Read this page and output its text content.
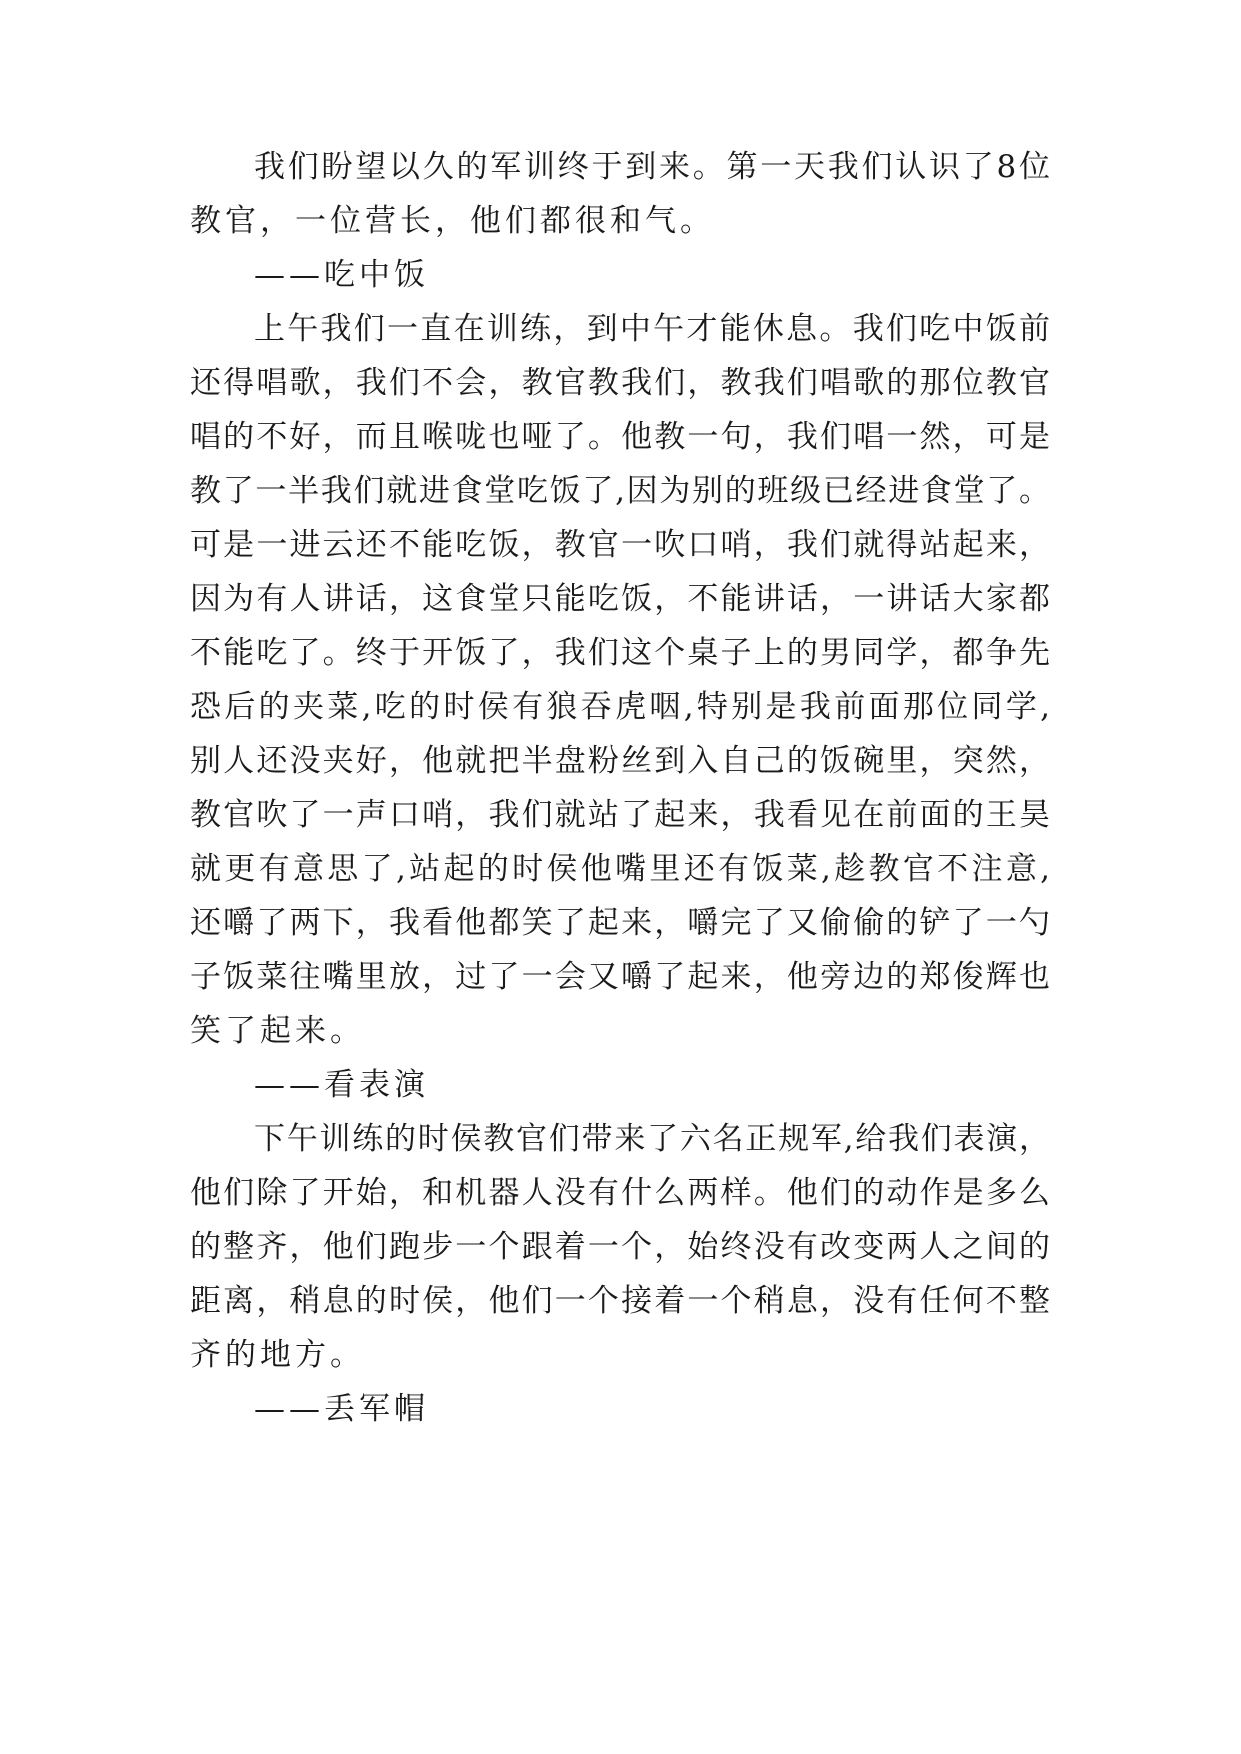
我们盼望以久的军训终于到来。第一天我们认识了8位
教官，一位营长，他们都很和气。
——吃中饭
上午我们一直在训练，到中午才能休息。我们吃中饭前
还得唱歌，我们不会，教官教我们，教我们唱歌的那位教官
唱的不好，而且喉咙也哑了。他教一句，我们唱一然，可是
教了一半我们就进食堂吃饭了,因为别的班级已经进食堂了。
可是一进云还不能吃饭，教官一吹口哨，我们就得站起来，
因为有人讲话，这食堂只能吃饭，不能讲话，一讲话大家都
不能吃了。终于开饭了，我们这个桌子上的男同学，都争先
恐后的夹菜,吃的时侯有狼吞虎咽,特别是我前面那位同学,
别人还没夹好，他就把半盘粉丝到入自己的饭碗里，突然，
教官吹了一声口哨，我们就站了起来，我看见在前面的王昊
就更有意思了,站起的时侯他嘴里还有饭菜,趁教官不注意,
还嚼了两下，我看他都笑了起来，嚼完了又偷偷的铲了一勺
子饭菜往嘴里放，过了一会又嚼了起来，他旁边的郑俊辉也
笑了起来。
——看表演
下午训练的时侯教官们带来了六名正规军,给我们表演，
他们除了开始，和机器人没有什么两样。他们的动作是多么
的整齐，他们跑步一个跟着一个，始终没有改变两人之间的
距离，稍息的时侯，他们一个接着一个稍息，没有任何不整
齐的地方。
——丢军帽
